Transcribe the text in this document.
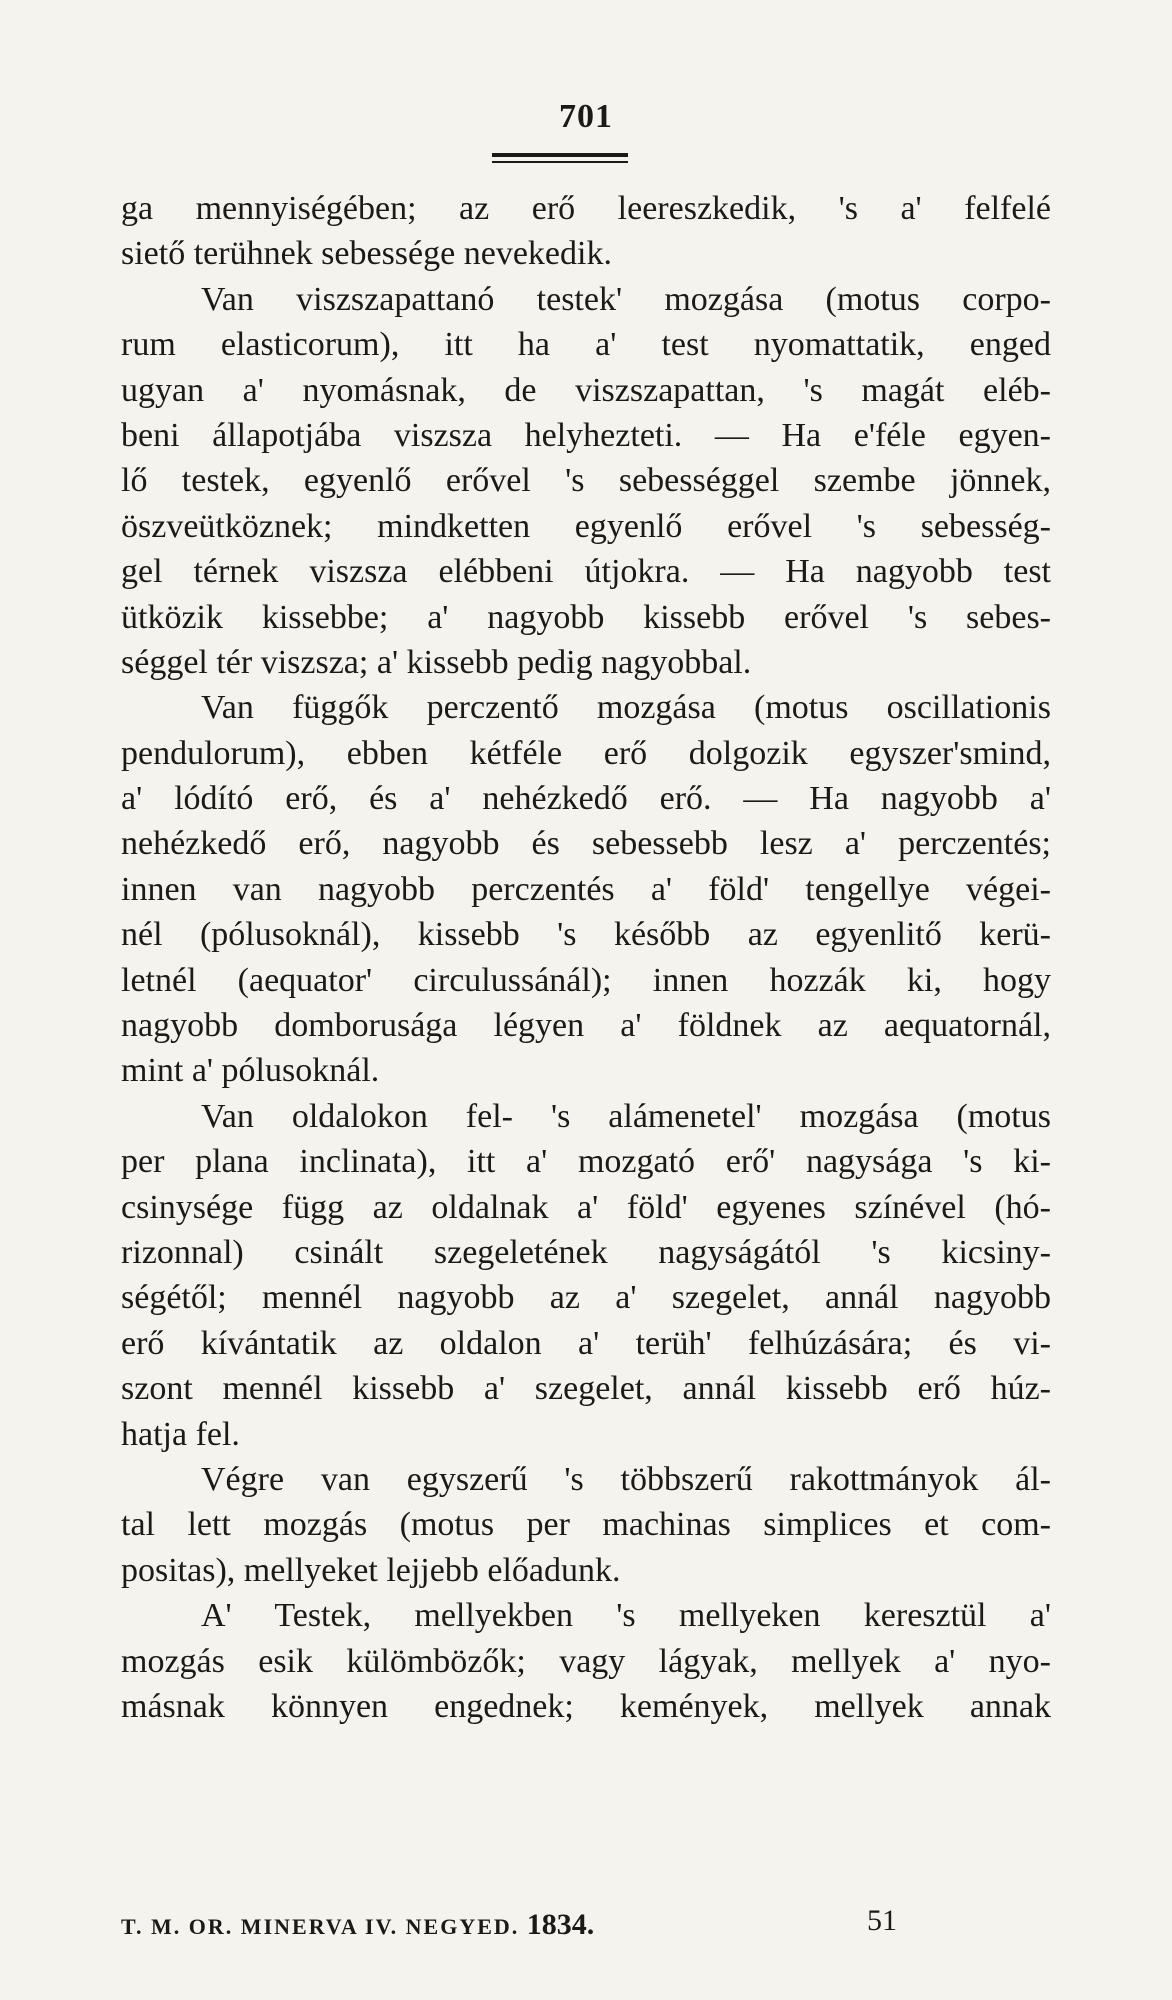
701
ga mennyiségében; az erő leereszkedik, 's a' felfelé
siető terühnek sebessége nevekedik.
Van viszszapattanó testek' mozgása (motus corpo-
rum elasticorum), itt ha a' test nyomattatik, enged
ugyan a' nyomásnak, de viszszapattan, 's magát eléb-
beni állapotjába viszsza helyhezteti. — Ha e'féle egyen-
lő testek, egyenlő erővel 's sebességgel szembe jönnek,
öszveütköznek; mindketten egyenlő erővel 's sebesség-
gel térnek viszsza elébbeni útjokra. — Ha nagyobb test
ütközik kissebbe; a' nagyobb kissebb erővel 's sebes-
séggel tér viszsza; a' kissebb pedig nagyobbal.
Van függők perczentő mozgása (motus oscillationis
pendulorum), ebben kétféle erő dolgozik egyszer'smind,
a' lódító erő, és a' nehézkedő erő. — Ha nagyobb a'
nehézkedő erő, nagyobb és sebessebb lesz a' perczentés;
innen van nagyobb perczentés a' föld' tengellye végei-
nél (pólusoknál), kissebb 's később az egyenlitő kerü-
letnél (aequator' circulussánál); innen hozzák ki, hogy
nagyobb domborusága légyen a' földnek az aequatornál,
mint a' pólusoknál.
Van oldalokon fel- 's alámenetel' mozgása (motus
per plana inclinata), itt a' mozgató erő' nagysága 's ki-
csinysége függ az oldalnak a' föld' egyenes színével (hó-
rizonnal) csinált szegeletének nagyságától 's kicsiny-
ségétől; mennél nagyobb az a' szegelet, annál nagyobb
erő kívántatik az oldalon a' terüh' felhúzására; és vi-
szont mennél kissebb a' szegelet, annál kissebb erő húz-
hatja fel.
Végre van egyszerű 's többszerű rakottmányok ál-
tal lett mozgás (motus per machinas simplices et com-
positas), mellyeket lejjebb előadunk.
A' Testek, mellyekben 's mellyeken keresztül a'
mozgás esik külömbözők; vagy lágyak, mellyek a' nyo-
másnak könnyen engednek; kemények, mellyek annak
T. M. OR. MINERVA IV. NEGYED. 1834.	51
